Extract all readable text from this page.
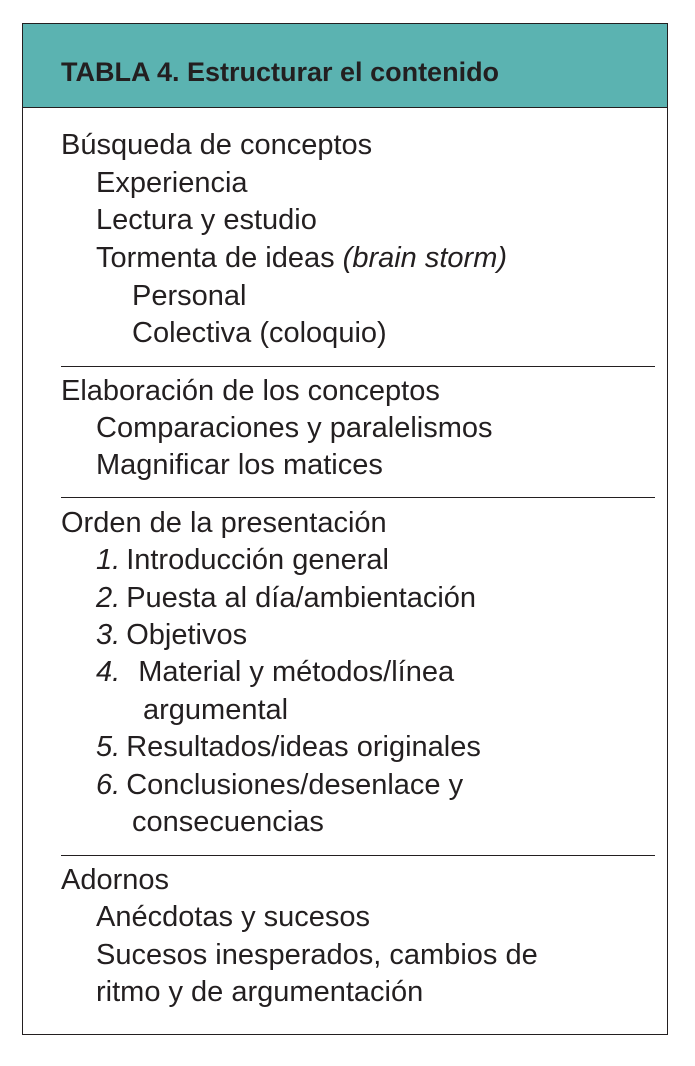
TABLA 4. Estructurar el contenido
Búsqueda de conceptos
Experiencia
Lectura y estudio
Tormenta de ideas (brain storm)
Personal
Colectiva (coloquio)
Elaboración de los conceptos
Comparaciones y paralelismos
Magnificar los matices
Orden de la presentación
1. Introducción general
2. Puesta al día/ambientación
3. Objetivos
4. Material y métodos/línea
argumental
5. Resultados/ideas originales
6. Conclusiones/desenlace y
consecuencias
Adornos
Anécdotas y sucesos
Sucesos inesperados, cambios de
ritmo y de argumentación
